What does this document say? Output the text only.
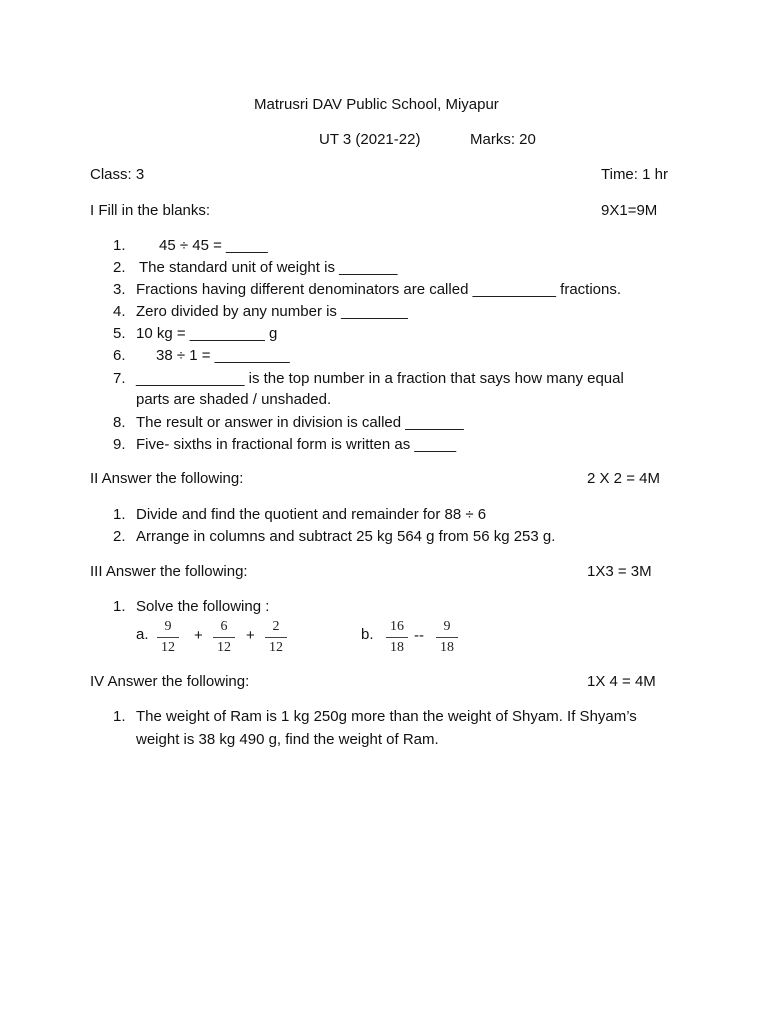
Matrusri DAV Public School, Miyapur
UT 3 (2021-22)	Marks: 20
Class: 3	Time: 1 hr
I Fill in the blanks:	9X1=9M
1. 45 ÷ 45 = _____
2. The standard unit of weight is _______
3. Fractions having different denominators are called __________ fractions.
4. Zero divided by any number is ________
5. 10 kg = _________ g
6. 38 ÷ 1 = _________
7. _____________ is the top number in a fraction that says how many equal
parts are shaded / unshaded.
8. The result or answer in division is called _______
9. Five- sixths in fractional form is written as _____
II Answer the following:	2 X 2 = 4M
1. Divide and find the quotient and remainder for 88 ÷ 6
2. Arrange in columns and subtract 25 kg 564 g from 56 kg 253 g.
III Answer the following:	1X3 = 3M
1. Solve the following :
a.	9
12
+
6
12
+
2
12
b.	16
18
--
9
18
IV Answer the following:	1X 4 = 4M
1. The weight of Ram is 1 kg 250g more than the weight of Shyam. If Shyam’s
weight is 38 kg 490 g, find the weight of Ram.
